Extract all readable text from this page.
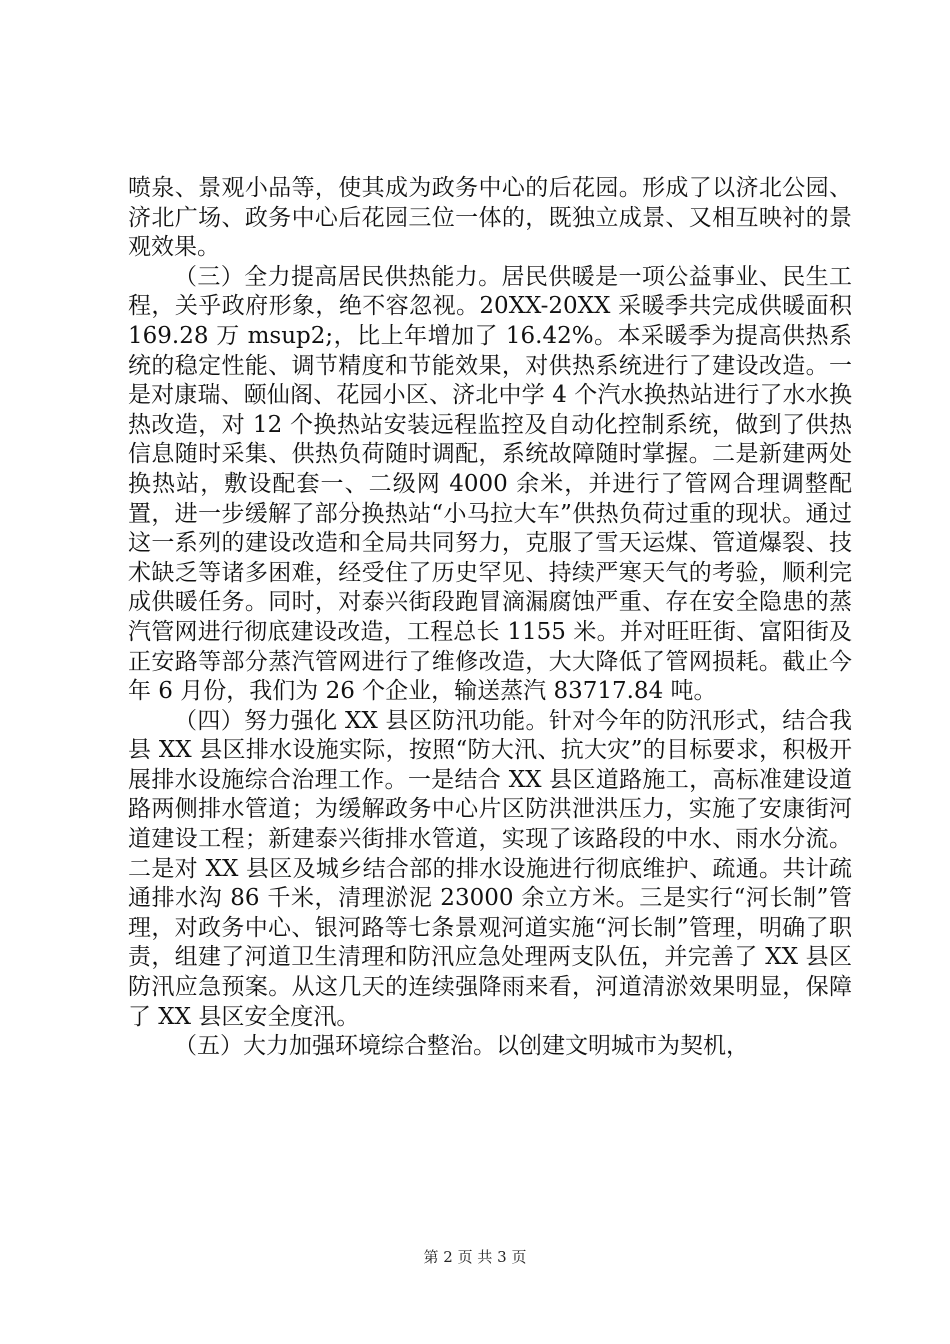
喷泉、景观小品等，使其成为政务中心的后花园。形成了以济北公园、济北广场、政务中心后花园三位一体的，既独立成景、又相互映衬的景观效果。

（三）全力提高居民供热能力。居民供暖是一项公益事业、民生工程，关乎政府形象，绝不容忽视。20XX-20XX 采暖季共完成供暖面积 169.28 万 msup2;，比上年增加了 16.42%。本采暖季为提高供热系统的稳定性能、调节精度和节能效果，对供热系统进行了建设改造。一是对康瑞、颐仙阁、花园小区、济北中学 4 个汽水换热站进行了水水换热改造，对 12 个换热站安装远程监控及自动化控制系统，做到了供热信息随时采集、供热负荷随时调配，系统故障随时掌握。二是新建两处换热站，敷设配套一、二级网 4000 余米，并进行了管网合理调整配置，进一步缓解了部分换热站“小马拉大车”供热负荷过重的现状。通过这一系列的建设改造和全局共同努力，克服了雪天运煤、管道爆裂、技术缺乏等诸多困难，经受住了历史罕见、持续严寒天气的考验，顺利完成供暖任务。同时，对泰兴街段跑冒滴漏腐蚀严重、存在安全隐患的蒸汽管网进行彻底建设改造，工程总长 1155 米。并对旺旺街、富阳街及正安路等部分蒸汽管网进行了维修改造，大大降低了管网损耗。截止今年 6 月份，我们为 26 个企业，输送蒸汽 83717.84 吨。

（四）努力强化 XX 县区防汛功能。针对今年的防汛形式，结合我县 XX 县区排水设施实际，按照“防大汛、抗大灾”的目标要求，积极开展排水设施综合治理工作。一是结合 XX 县区道路施工，高标准建设道路两侧排水管道；为缓解政务中心片区防洪泄洪压力，实施了安康街河道建设工程；新建泰兴街排水管道，实现了该路段的中水、雨水分流。二是对 XX 县区及城乡结合部的排水设施进行彻底维护、疏通。共计疏通排水沟 86 千米，清理淤泥 23000 余立方米。三是实行“河长制”管理，对政务中心、银河路等七条景观河道实施“河长制”管理，明确了职责，组建了河道卫生清理和防汛应急处理两支队伍，并完善了 XX 县区防汛应急预案。从这几天的连续强降雨来看，河道清淤效果明显，保障了 XX 县区安全度汛。

（五）大力加强环境综合整治。以创建文明城市为契机，

第 2 页 共 3 页
